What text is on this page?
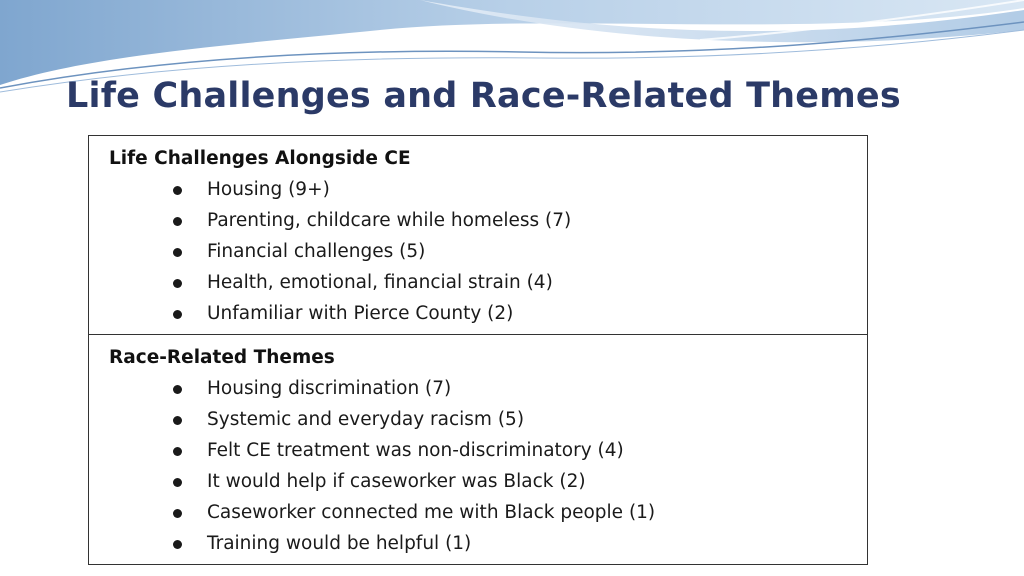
Life Challenges and Race-Related Themes
Life Challenges Alongside CE
Housing (9+)
Parenting, childcare while homeless (7)
Financial challenges (5)
Health, emotional, financial strain (4)
Unfamiliar with Pierce County (2)
Race-Related Themes
Housing discrimination (7)
Systemic and everyday racism (5)
Felt CE treatment was non-discriminatory (4)
It would help if caseworker was Black (2)
Caseworker connected me with Black people (1)
Training would be helpful (1)
